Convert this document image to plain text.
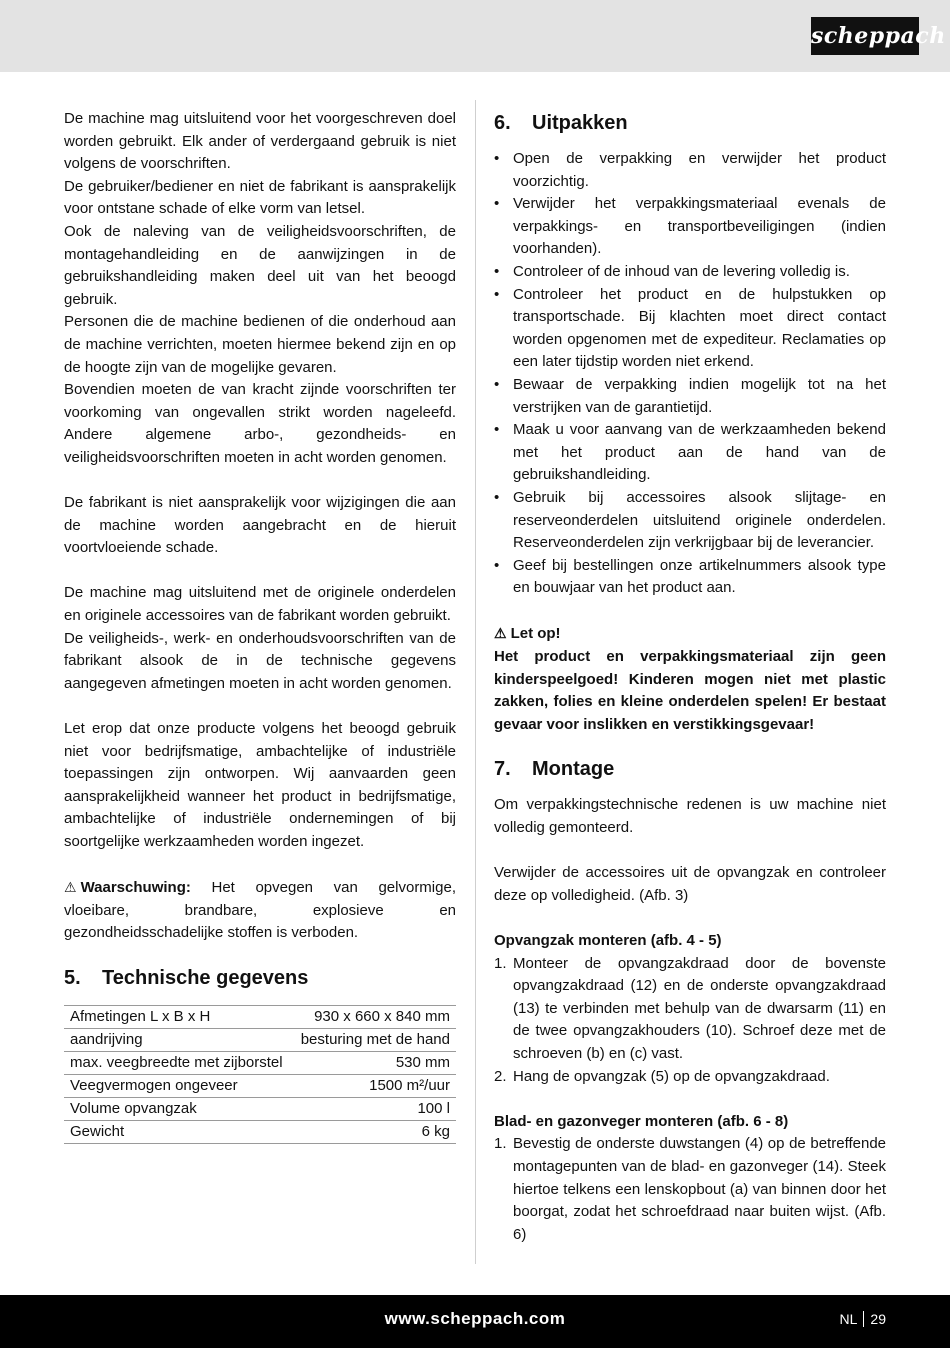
scheppach
De machine mag uitsluitend voor het voorgeschreven doel worden gebruikt. Elk ander of verdergaand gebruik is niet volgens de voorschriften.
De gebruiker/bediener en niet de fabrikant is aansprakelijk voor ontstane schade of elke vorm van letsel.
Ook de naleving van de veiligheidsvoorschriften, de montagehandleiding en de aanwijzingen in de gebruikshandleiding maken deel uit van het beoogd gebruik.
Personen die de machine bedienen of die onderhoud aan de machine verrichten, moeten hiermee bekend zijn en op de hoogte zijn van de mogelijke gevaren.
Bovendien moeten de van kracht zijnde voorschriften ter voorkoming van ongevallen strikt worden nageleefd. Andere algemene arbo-, gezondheids- en veiligheidsvoorschriften moeten in acht worden genomen.
De fabrikant is niet aansprakelijk voor wijzigingen die aan de machine worden aangebracht en de hieruit voortvloeiende schade.
De machine mag uitsluitend met de originele onderdelen en originele accessoires van de fabrikant worden gebruikt.
De veiligheids-, werk- en onderhoudsvoorschriften van de fabrikant alsook de in de technische gegevens aangegeven afmetingen moeten in acht worden genomen.
Let erop dat onze producte volgens het beoogd gebruik niet voor bedrijfsmatige, ambachtelijke of industriële toepassingen zijn ontworpen. Wij aanvaarden geen aansprakelijkheid wanneer het product in bedrijfsmatige, ambachtelijke of industriële ondernemingen of bij soortgelijke werkzaamheden worden ingezet.
⚠ Waarschuwing: Het opvegen van gelvormige, vloeibare, brandbare, explosieve en gezondheidsschadelijke stoffen is verboden.
5.	Technische gegevens
Afmetingen L x B x H	930 x 660 x 840 mm
aandrijving	besturing met de hand
max. veegbreedte met zijborstel	530 mm
Veegvermogen ongeveer	1500 m²/uur
Volume opvangzak	100 l
Gewicht	6 kg
6.	Uitpakken
• Open de verpakking en verwijder het product voorzichtig.
• Verwijder het verpakkingsmateriaal evenals de verpakkings- en transportbeveiligingen (indien voorhanden).
• Controleer of de inhoud van de levering volledig is.
• Controleer het product en de hulpstukken op transportschade. Bij klachten moet direct contact worden opgenomen met de expediteur. Reclamaties op een later tijdstip worden niet erkend.
• Bewaar de verpakking indien mogelijk tot na het verstrijken van de garantietijd.
• Maak u voor aanvang van de werkzaamheden bekend met het product aan de hand van de gebruikshandleiding.
• Gebruik bij accessoires alsook slijtage- en reserveonderdelen uitsluitend originele onderdelen. Reserveonderdelen zijn verkrijgbaar bij de leverancier.
• Geef bij bestellingen onze artikelnummers alsook type en bouwjaar van het product aan.
⚠ Let op!
Het product en verpakkingsmateriaal zijn geen kinderspeelgoed! Kinderen mogen niet met plastic zakken, folies en kleine onderdelen spelen! Er bestaat gevaar voor inslikken en verstikkingsgevaar!
7.	Montage
Om verpakkingstechnische redenen is uw machine niet volledig gemonteerd.
Verwijder de accessoires uit de opvangzak en controleer deze op volledigheid. (Afb. 3)
Opvangzak monteren (afb. 4 - 5)
1. Monteer de opvangzakdraad door de bovenste opvangzakdraad (12) en de onderste opvangzakdraad (13) te verbinden met behulp van de dwarsarm (11) en de twee opvangzakhouders (10). Schroef deze met de schroeven (b) en (c) vast.
2. Hang de opvangzak (5) op de opvangzakdraad.
Blad- en gazonveger monteren (afb. 6 - 8)
1. Bevestig de onderste duwstangen (4) op de betreffende montagepunten van de blad- en gazonveger (14). Steek hiertoe telkens een lenskopbout (a) van binnen door het boorgat, zodat het schroefdraad naar buiten wijst. (Afb. 6)
www.scheppach.com	NL 29
